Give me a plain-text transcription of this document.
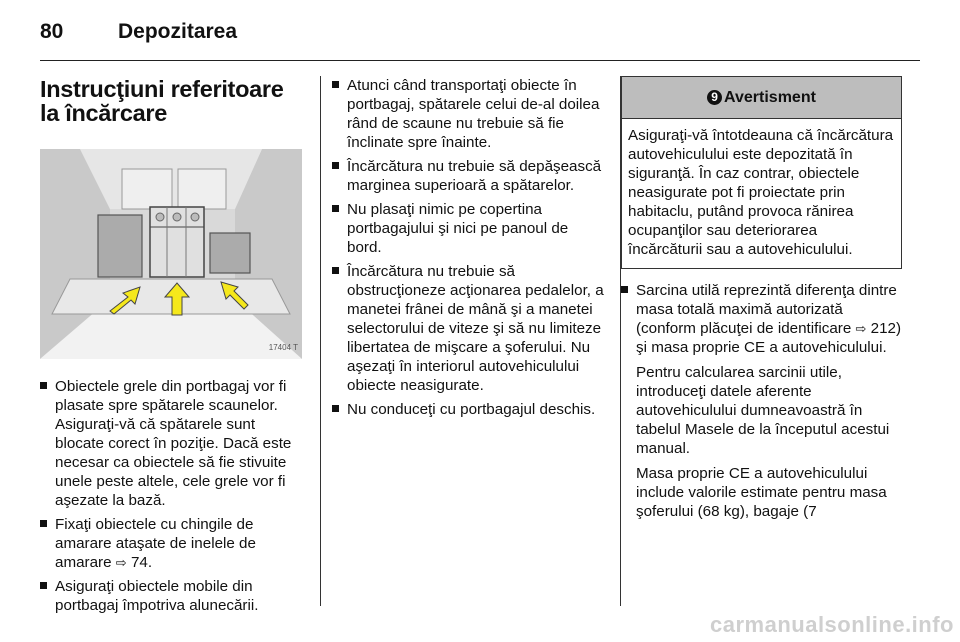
80	Depozitarea
Instrucţiuni referitoare la încărcare
17404 T
Obiectele grele din portbagaj vor fi plasate spre spătarele scaunelor. Asiguraţi-vă că spătarele sunt blocate corect în poziţie. Dacă este necesar ca obiectele să fie stivuite unele peste altele, cele grele vor fi aşezate la bază.
Fixaţi obiectele cu chingile de amarare ataşate de inelele de amarare ⇨ 74.
Asiguraţi obiectele mobile din portbagaj împotriva alunecării.
Atunci când transportaţi obiecte în portbagaj, spătarele celui de-al doilea rând de scaune nu trebuie să fie înclinate spre înainte.
Încărcătura nu trebuie să depăşească marginea superioară a spătarelor.
Nu plasaţi nimic pe copertina portbagajului şi nici pe panoul de bord.
Încărcătura nu trebuie să obstrucţioneze acţionarea pedalelor, a manetei frânei de mână şi a manetei selectorului de viteze şi să nu limiteze libertatea de mişcare a şoferului. Nu aşezaţi în interiorul autovehiculului obiecte neasigurate.
Nu conduceţi cu portbagajul deschis.
9 Avertisment
Asiguraţi-vă întotdeauna că încărcătura autovehiculului este depozitată în siguranţă. În caz contrar, obiectele neasigurate pot fi proiectate prin habitaclu, putând provoca rănirea ocupanţilor sau deteriorarea încărcăturii sau a autovehiculului.
Sarcina utilă reprezintă diferenţa dintre masa totală maximă autorizată (conform plăcuţei de identificare ⇨ 212) şi masa proprie CE a autovehiculului.

Pentru calcularea sarcinii utile, introduceţi datele aferente autovehiculului dumneavoastră în tabelul Masele de la începutul acestui manual.

Masa proprie CE a autovehiculului include valorile estimate pentru masa şoferului (68 kg), bagaje (7

carmanualsonline.info
